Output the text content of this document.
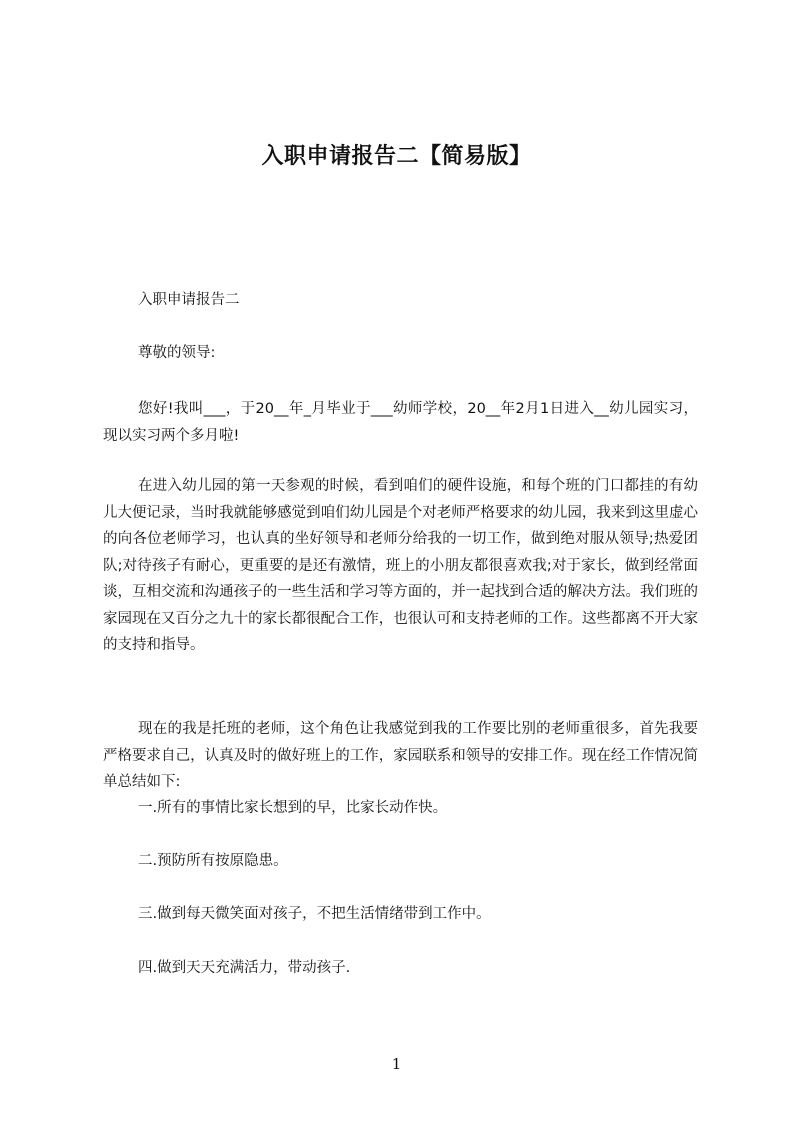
入职申请报告二【简易版】
入职申请报告二
尊敬的领导:
您好!我叫___，于20__年_月毕业于___幼师学校，20__年2月1日进入__幼儿园实习，现以实习两个多月啦!
在进入幼儿园的第一天参观的时候，看到咱们的硬件设施，和每个班的门口都挂的有幼儿大便记录，当时我就能够感觉到咱们幼儿园是个对老师严格要求的幼儿园，我来到这里虚心的向各位老师学习，也认真的坐好领导和老师分给我的一切工作，做到绝对服从领导;热爱团队;对待孩子有耐心，更重要的是还有激情，班上的小朋友都很喜欢我;对于家长，做到经常面谈，互相交流和沟通孩子的一些生活和学习等方面的，并一起找到合适的解决方法。我们班的家园现在又百分之九十的家长都很配合工作，也很认可和支持老师的工作。这些都离不开大家的支持和指导。
现在的我是托班的老师，这个角色让我感觉到我的工作要比别的老师重很多，首先我要严格要求自己，认真及时的做好班上的工作，家园联系和领导的安排工作。现在经工作情况简单总结如下:
一.所有的事情比家长想到的早，比家长动作快。
二.预防所有按原隐患。
三.做到每天微笑面对孩子，不把生活情绪带到工作中。
四.做到天天充满活力，带动孩子.
1
